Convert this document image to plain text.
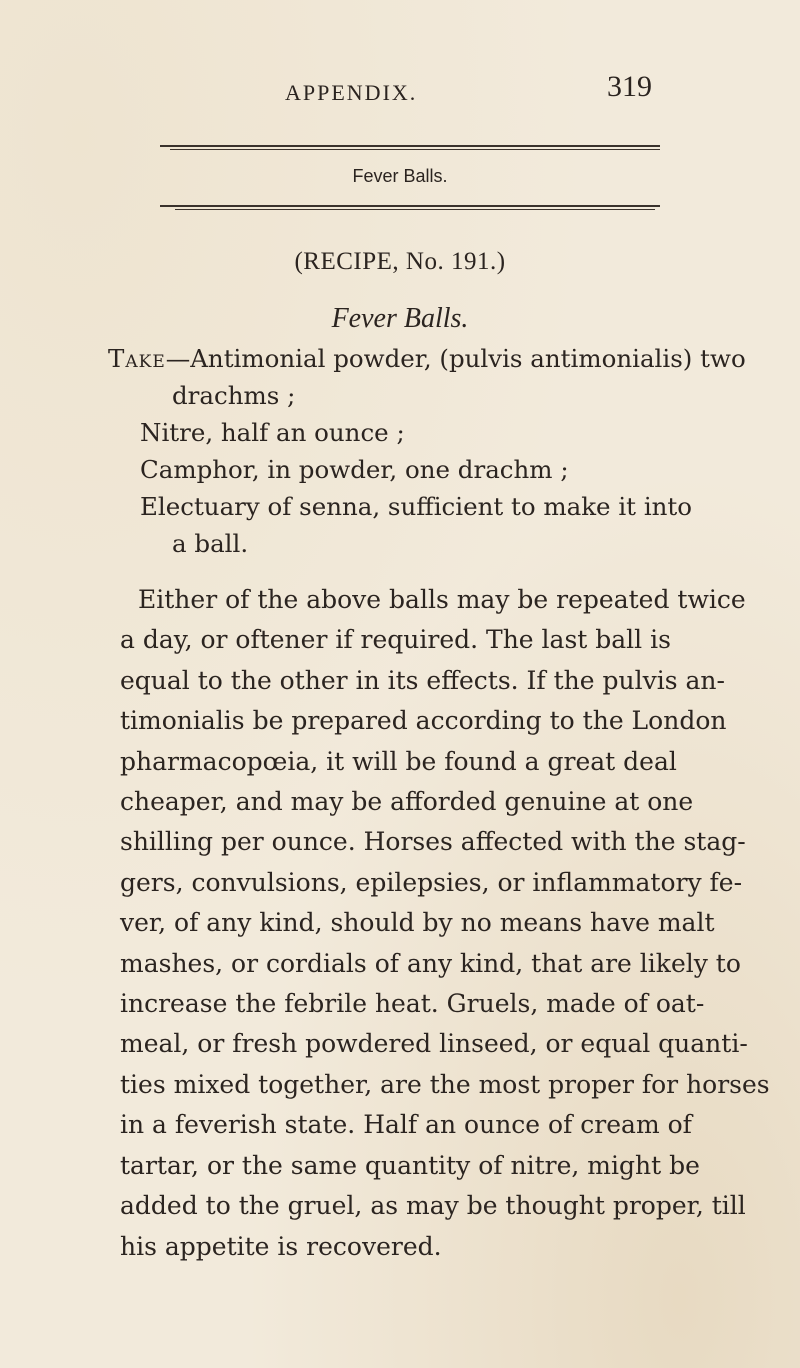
APPENDIX.	319
Fever Balls.
(RECIPE, No. 191.)
Fever Balls.
Take—Antimonial powder, (pulvis antimonialis) two
drachms ;
Nitre, half an ounce ;
Camphor, in powder, one drachm ;
Electuary of senna, sufficient to make it into
a ball.
Either of the above balls may be repeated twice
a day, or oftener if required. The last ball is
equal to the other in its effects. If the pulvis an-
timonialis be prepared according to the London
pharmacopœia, it will be found a great deal
cheaper, and may be afforded genuine at one
shilling per ounce. Horses affected with the stag-
gers, convulsions, epilepsies, or inflammatory fe-
ver, of any kind, should by no means have malt
mashes, or cordials of any kind, that are likely to
increase the febrile heat. Gruels, made of oat-
meal, or fresh powdered linseed, or equal quanti-
ties mixed together, are the most proper for horses
in a feverish state. Half an ounce of cream of
tartar, or the same quantity of nitre, might be
added to the gruel, as may be thought proper, till
his appetite is recovered.
